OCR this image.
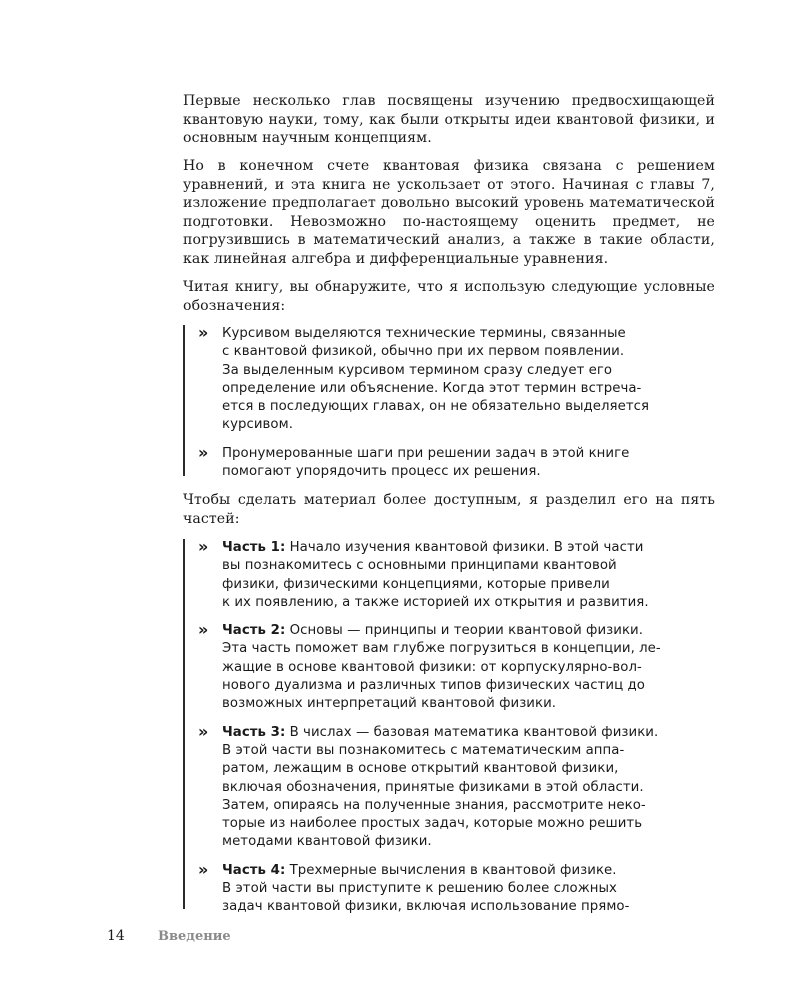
Первые несколько глав посвящены изучению предвосхищающей квантовую науки, тому, как были открыты идеи квантовой физики, и основным научным концепциям.

Но в конечном счете квантовая физика связана с решением уравнений, и эта книга не ускользает от этого. Начиная с главы 7, изложение предполагает довольно высокий уровень математической подготовки. Невозможно по-настоящему оценить предмет, не погрузившись в математический анализ, а также в такие области, как линейная алгебра и дифференциальные уравнения.

Читая книгу, вы обнаружите, что я использую следующие условные обозначения:

» Курсивом выделяются технические термины, связанные
с квантовой физикой, обычно при их первом появлении.
За выделенным курсивом термином сразу следует его
определение или объяснение. Когда этот термин встреча-
ется в последующих главах, он не обязательно выделяется
курсивом.
» Пронумерованные шаги при решении задач в этой книге
помогают упорядочить процесс их решения.

Чтобы сделать материал более доступным, я разделил его на пять частей:

» Часть 1: Начало изучения квантовой физики. В этой части
вы познакомитесь с основными принципами квантовой
физики, физическими концепциями, которые привели
к их появлению, а также историей их открытия и развития.
» Часть 2: Основы — принципы и теории квантовой физики.
Эта часть поможет вам глубже погрузиться в концепции, ле-
жащие в основе квантовой физики: от корпускулярно-вол-
нового дуализма и различных типов физических частиц до
возможных интерпретаций квантовой физики.
» Часть 3: В числах — базовая математика квантовой физики.
В этой части вы познакомитесь с математическим аппа-
ратом, лежащим в основе открытий квантовой физики,
включая обозначения, принятые физиками в этой области.
Затем, опираясь на полученные знания, рассмотрите неко-
торые из наиболее простых задач, которые можно решить
методами квантовой физики.
» Часть 4: Трехмерные вычисления в квантовой физике.
В этой части вы приступите к решению более сложных
задач квантовой физики, включая использование прямо-
14	Введение
